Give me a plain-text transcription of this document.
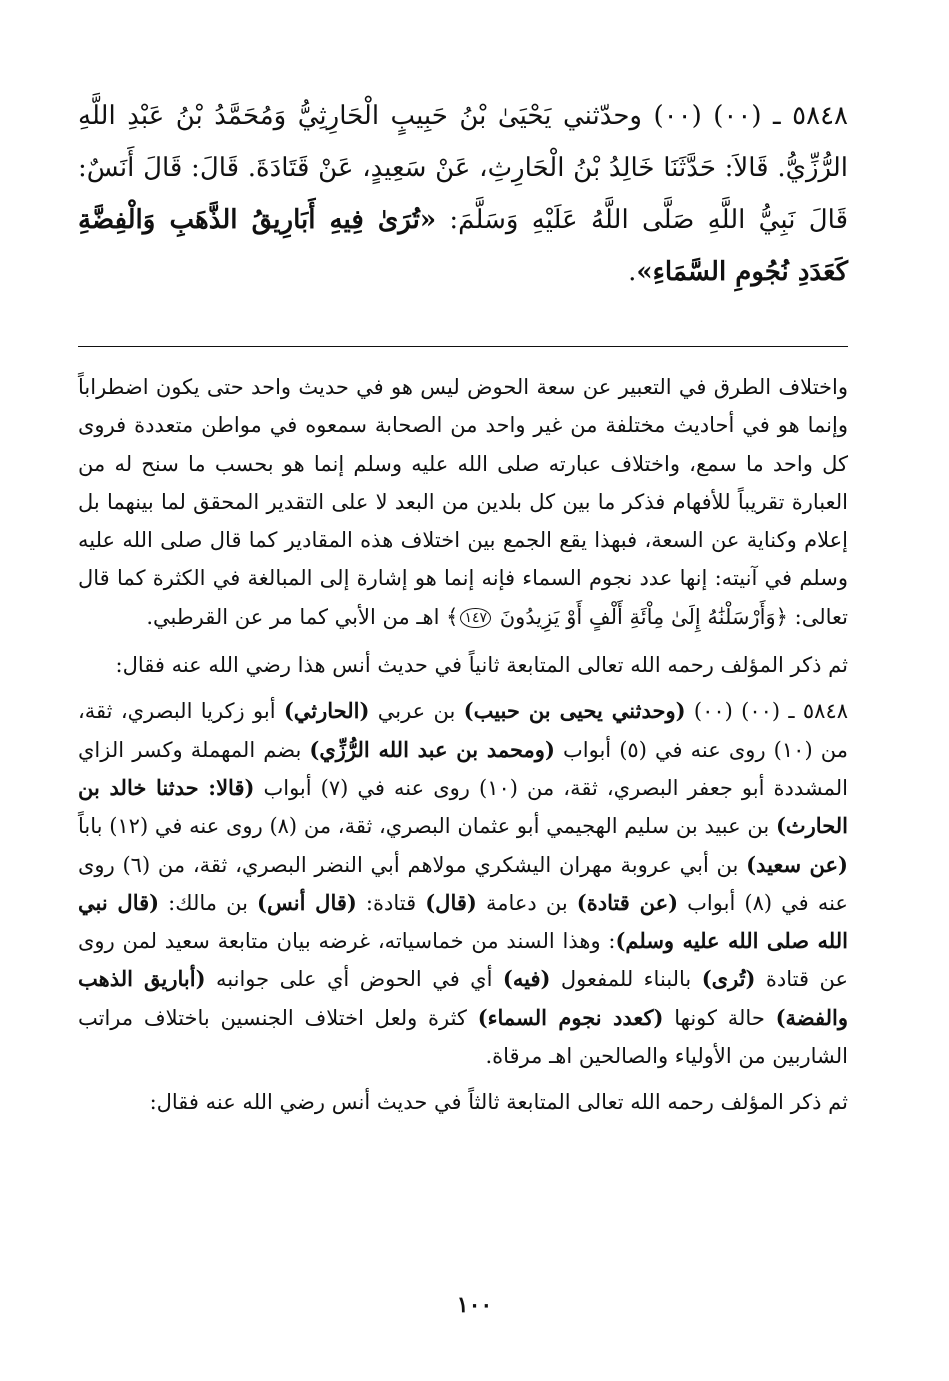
٥٨٤٨ ـ (٠٠) (٠٠) وحدّثني يَحْيَىٰ بْنُ حَبِيبٍ الْحَارِثِيُّ وَمُحَمَّدُ بْنُ عَبْدِ اللَّهِ الرُّزِّيُّ. قَالاَ: حَدَّثَنَا خَالِدُ بْنُ الْحَارِثِ، عَنْ سَعِيدٍ، عَنْ قَتَادَةَ. قَالَ: قَالَ أَنَسٌ: قَالَ نَبِيُّ اللَّهِ صَلَّى اللَّهُ عَلَيْهِ وَسَلَّمَ: «تُرَىٰ فِيهِ أَبَارِيقُ الذَّهَبِ وَالْفِضَّةِ كَعَدَدِ نُجُومِ السَّمَاءِ».

واختلاف الطرق في التعبير عن سعة الحوض ليس هو في حديث واحد حتى يكون اضطراباً وإنما هو في أحاديث مختلفة من غير واحد من الصحابة سمعوه في مواطن متعددة فروى كل واحد ما سمع، واختلاف عبارته صلى الله عليه وسلم إنما هو بحسب ما سنح له من العبارة تقريباً للأفهام فذكر ما بين كل بلدين من البعد لا على التقدير المحقق لما بينهما بل إعلام وكناية عن السعة، فبهذا يقع الجمع بين اختلاف هذه المقادير كما قال صلى الله عليه وسلم في آنيته: إنها عدد نجوم السماء فإنه إنما هو إشارة إلى المبالغة في الكثرة كما قال تعالى: ﴿وَأَرْسَلْنَٰهُ إِلَىٰ مِاْئَةِ أَلْفٍ أَوْ يَزِيدُونَ ١٤٧﴾ اهـ من الأبي كما مر عن القرطبي.

ثم ذكر المؤلف رحمه الله تعالى المتابعة ثانياً في حديث أنس هذا رضي الله عنه فقال:

٥٨٤٨ ـ (٠٠) (٠٠) (وحدثني يحيى بن حبيب) بن عربي (الحارثي) أبو زكريا البصري، ثقة، من (١٠) روى عنه في (٥) أبواب (ومحمد بن عبد الله الرُّزِّي) بضم المهملة وكسر الزاي المشددة أبو جعفر البصري، ثقة، من (١٠) روى عنه في (٧) أبواب (قالا: حدثنا خالد بن الحارث) بن عبيد بن سليم الهجيمي أبو عثمان البصري، ثقة، من (٨) روى عنه في (١٢) باباً (عن سعيد) بن أبي عروبة مهران اليشكري مولاهم أبي النضر البصري، ثقة، من (٦) روى عنه في (٨) أبواب (عن قتادة) بن دعامة (قال) قتادة: (قال أنس) بن مالك: (قال نبي الله صلى الله عليه وسلم): وهذا السند من خماسياته، غرضه بيان متابعة سعيد لمن روى عن قتادة (تُرى) بالبناء للمفعول (فيه) أي في الحوض أي على جوانبه (أباريق الذهب والفضة) حالة كونها (كعدد نجوم السماء) كثرة ولعل اختلاف الجنسين باختلاف مراتب الشاربين من الأولياء والصالحين اهـ مرقاة.

ثم ذكر المؤلف رحمه الله تعالى المتابعة ثالثاً في حديث أنس رضي الله عنه فقال:

١٠٠
